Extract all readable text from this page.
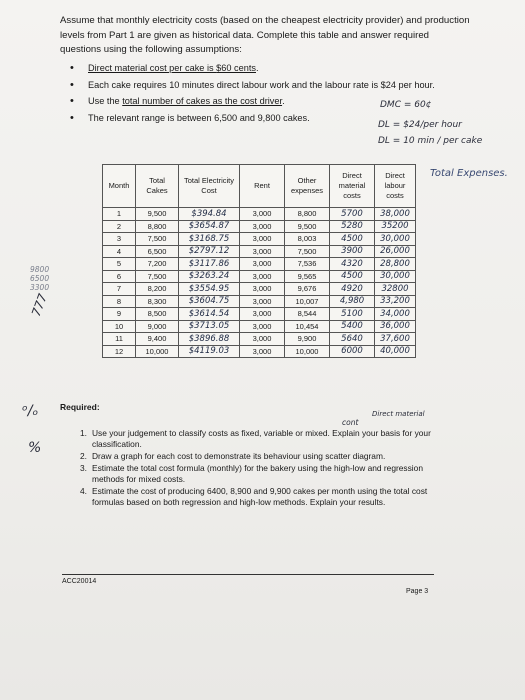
Assume that monthly electricity costs (based on the cheapest electricity provider) and production levels from Part 1 are given as historical data. Complete this table and answer required questions using the following assumptions:
• Direct material cost per cake is $60 cents.
• Each cake requires 10 minutes direct labour work and the labour rate is $24 per hour.
• Use the total number of cakes as the cost driver.
• The relevant range is between 6,500 and 9,800 cakes.
DMC = 60¢
DL = $24/per hour
DL = 10 min / per cake
Month	Total Cakes	Total Electricity Cost	Rent	Other expenses	Direct material costs	Direct labour costs
1	9,500	$394.84	3,000	8,800	5700	38,000
2	8,800	$3654.87	3,000	9,500	5280	35200
3	7,500	$3168.75	3,000	8,003	4500	30,000
4	6,500	$2797.12	3,000	7,500	3900	26,000
5	7,200	$3117.86	3,000	7,536	4320	28,800
6	7,500	$3263.24	3,000	9,565	4500	30,000
7	8,200	$3554.95	3,000	9,676	4920	32800
8	8,300	$3604.75	3,000	10,007	4,980	33,200
9	8,500	$3614.54	3,000	8,544	5100	34,000
10	9,000	$3713.05	3,000	10,454	5400	36,000
11	9,400	$3896.88	3,000	9,900	5640	37,600
12	10,000	$4119.03	3,000	10,000	6000	40,000
Total Expenses.
9800
6500
3300
777
ᵒ/ₒ
%
Required:
Direct material
cont
1. Use your judgement to classify costs as fixed, variable or mixed. Explain your basis for your classification.
2. Draw a graph for each cost to demonstrate its behaviour using scatter diagram.
3. Estimate the total cost formula (monthly) for the bakery using the high-low and regression methods for mixed costs.
4. Estimate the cost of producing 6400, 8,900 and 9,900 cakes per month using the total cost formulas based on both regression and high-low methods. Explain your results.
ACC20014
Page 3
